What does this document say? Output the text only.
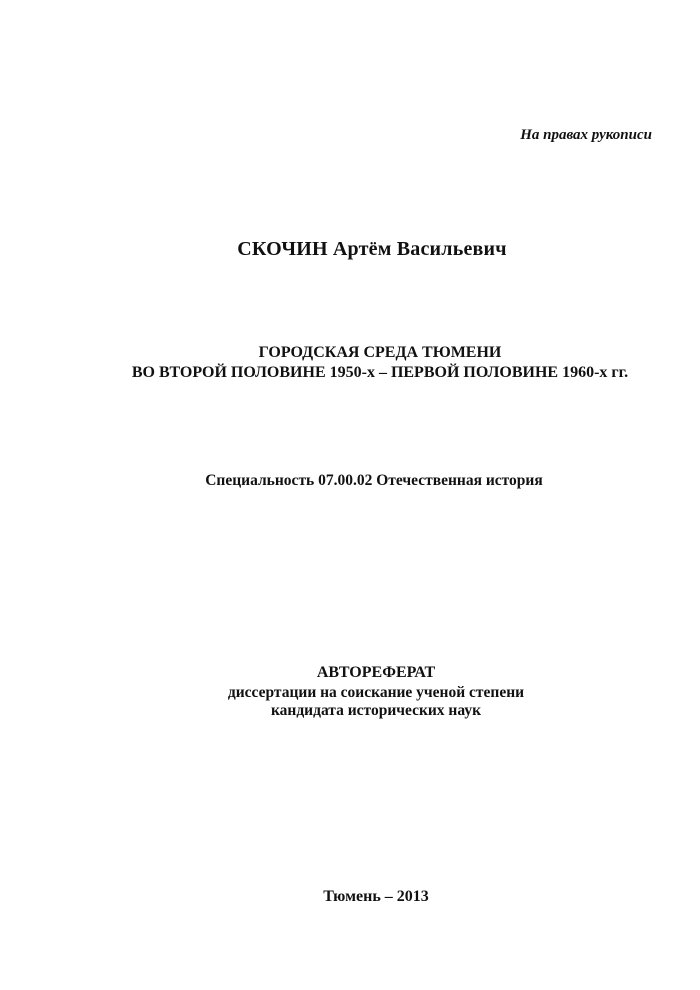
На правах рукописи
СКОЧИН Артём Васильевич
ГОРОДСКАЯ СРЕДА ТЮМЕНИ
ВО ВТОРОЙ ПОЛОВИНЕ 1950-х – ПЕРВОЙ ПОЛОВИНЕ 1960-х гг.
Специальность 07.00.02 Отечественная история
АВТОРЕФЕРАТ
диссертации на соискание ученой степени
кандидата исторических наук
Тюмень – 2013
